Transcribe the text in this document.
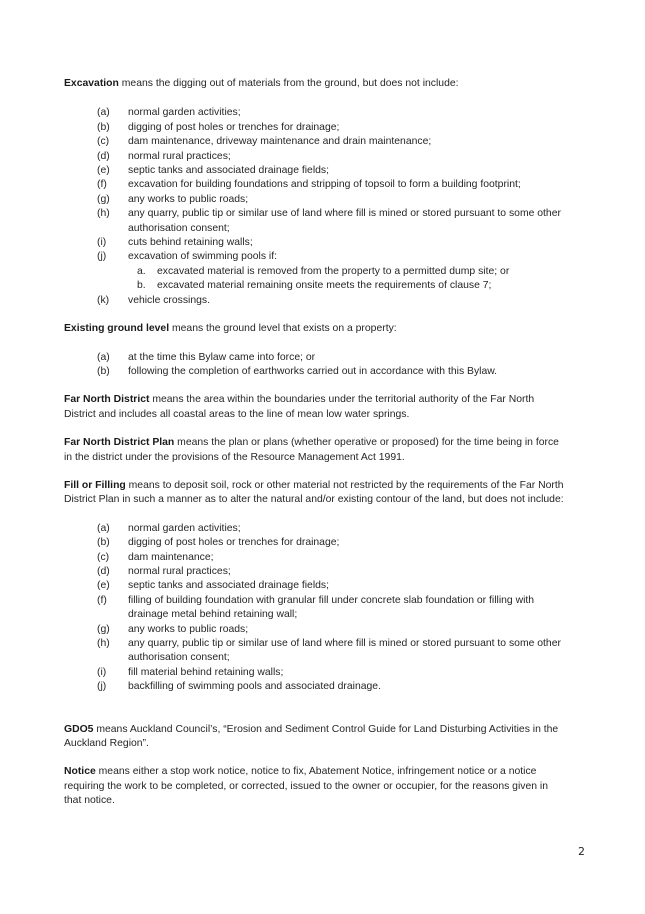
Excavation means the digging out of materials from the ground, but does not include:

(a) normal garden activities;
(b) digging of post holes or trenches for drainage;
(c) dam maintenance, driveway maintenance and drain maintenance;
(d) normal rural practices;
(e) septic tanks and associated drainage fields;
(f) excavation for building foundations and stripping of topsoil to form a building footprint;
(g) any works to public roads;
(h) any quarry, public tip or similar use of land where fill is mined or stored pursuant to some other authorisation consent;
(i) cuts behind retaining walls;
(j) excavation of swimming pools if:
a. excavated material is removed from the property to a permitted dump site; or
b. excavated material remaining onsite meets the requirements of clause 7;
(k) vehicle crossings.

Existing ground level means the ground level that exists on a property:

(a) at the time this Bylaw came into force; or
(b) following the completion of earthworks carried out in accordance with this Bylaw.

Far North District means the area within the boundaries under the territorial authority of the Far North District and includes all coastal areas to the line of mean low water springs.

Far North District Plan means the plan or plans (whether operative or proposed) for the time being in force in the district under the provisions of the Resource Management Act 1991.

Fill or Filling means to deposit soil, rock or other material not restricted by the requirements of the Far North District Plan in such a manner as to alter the natural and/or existing contour of the land, but does not include:

(a) normal garden activities;
(b) digging of post holes or trenches for drainage;
(c) dam maintenance;
(d) normal rural practices;
(e) septic tanks and associated drainage fields;
(f) filling of building foundation with granular fill under concrete slab foundation or filling with drainage metal behind retaining wall;
(g) any works to public roads;
(h) any quarry, public tip or similar use of land where fill is mined or stored pursuant to some other authorisation consent;
(i) fill material behind retaining walls;
(j) backfilling of swimming pools and associated drainage.

GDO5 means Auckland Council’s, “Erosion and Sediment Control Guide for Land Disturbing Activities in the Auckland Region”.

Notice means either a stop work notice, notice to fix, Abatement Notice, infringement notice or a notice requiring the work to be completed, or corrected, issued to the owner or occupier, for the reasons given in that notice.

2
